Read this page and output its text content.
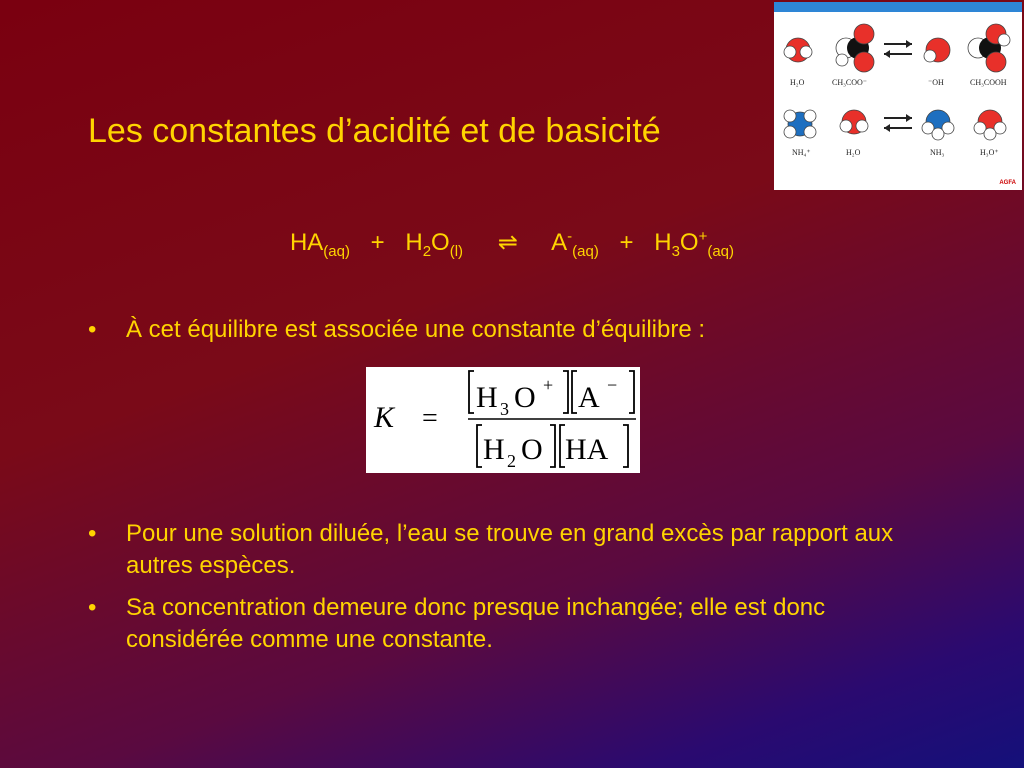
Les constantes d’acidité et de basicité
$HA_{(aq)} + H_2O_{(l)}$ ⇌ $A^-_{(aq)} + H_3O^+_{(aq)}$
• À cet équilibre est associée une constante d’équilibre :
K =
H 3 O + A −
H 2 O HA
• Pour une solution diluée, l’eau se trouve en grand excès par rapport aux autres espèces.
• Sa concentration demeure donc presque inchangée; elle est donc considérée comme une constante.
H₂O	CH₃COO⁻	⁻OH	CH₃COOH
NH₄⁺	H₂O	NH₃	H₃O⁺
AGFA
